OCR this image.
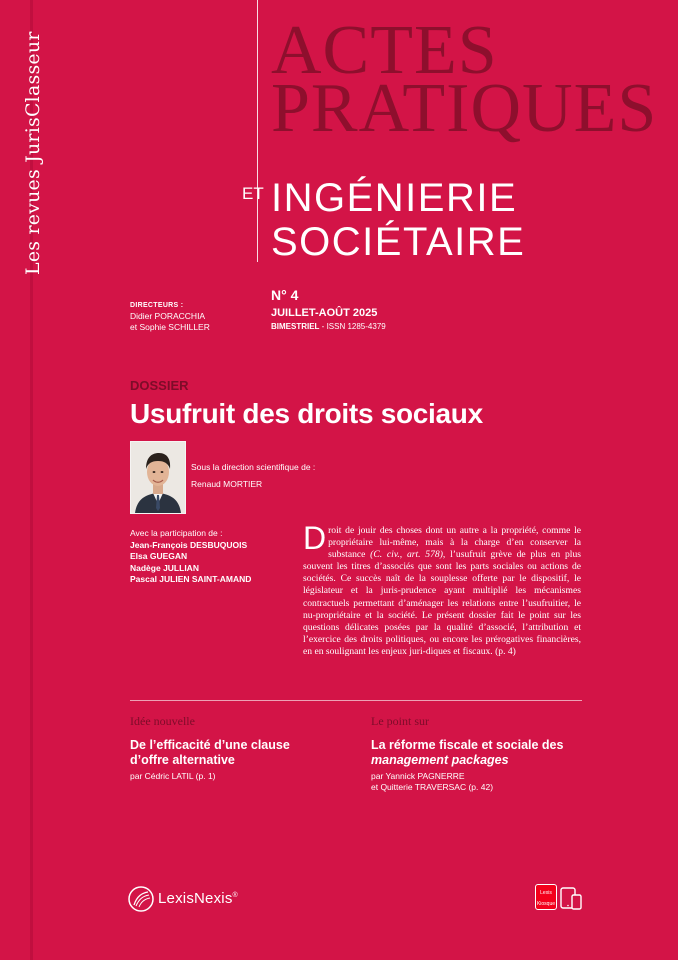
Les revues JurisClasseur	ACTES
PRATIQUES
ET INGÉNIERIE
SOCIÉTAIRE
DIRECTEURS :
Didier PORACCHIA
et Sophie SCHILLER
N° 4
JUILLET-AOÛT 2025
BIMESTRIEL - ISSN 1285-4379
DOSSIER
Usufruit des droits sociaux
Sous la direction scientifique de :
Renaud MORTIER
Avec la participation de :
Jean-François DESBUQUOIS
Elsa GUEGAN
Nadège JULLIAN
Pascal JULIEN SAINT-AMAND
Droit de jouir des choses dont un autre a la propriété, comme le propriétaire lui-même, mais à la charge d’en conserver la substance (C. civ., art. 578), l’usufruit grève de plus en plus souvent les titres d’associés que sont les parts sociales ou actions de sociétés. Ce succès naît de la souplesse offerte par le dispositif, le législateur et la juris-prudence ayant multiplié les mécanismes contractuels permettant d’aménager les relations entre l’usufruitier, le nu-propriétaire et la société. Le présent dossier fait le point sur les questions délicates posées par la qualité d’associé, l’attribution et l’exercice des droits politiques, ou encore les prérogatives financières, en en soulignant les enjeux juri-diques et fiscaux. (p. 4)
Idée nouvelle
De l’efficacité d’une clause d’offre alternative
par Cédric LATIL (p. 1)
Le point sur
La réforme fiscale et sociale des management packages
par Yannick PAGNERRE
et Quitterie TRAVERSAC (p. 42)
LexisNexis®	Lexis
Kiosque
